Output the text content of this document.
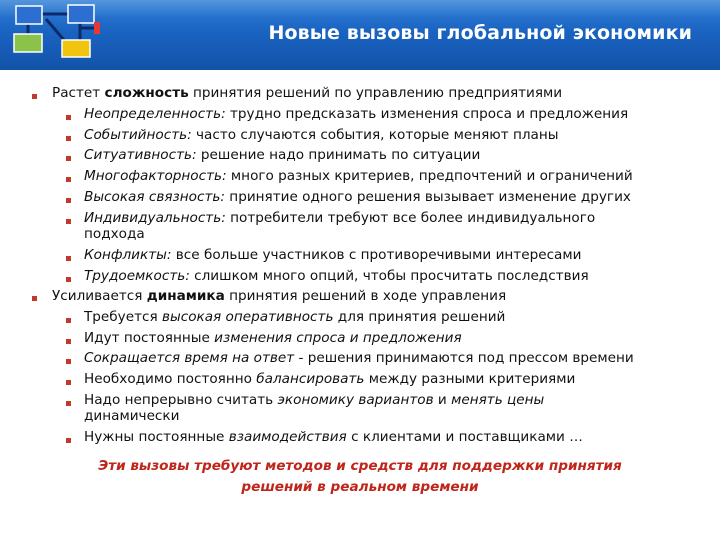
Новые вызовы глобальной экономики
Растет сложность принятия решений по управлению предприятиями
Неопределенность: трудно предсказать изменения спроса и предложения
Событийность: часто случаются события, которые меняют планы
Ситуативность: решение надо принимать по ситуации
Многофакторность: много разных критериев, предпочтений и ограничений
Высокая связность: принятие одного решения вызывает изменение других
Индивидуальность: потребители требуют все более индивидуального
подхода
Конфликты: все больше участников с противоречивыми интересами
Трудоемкость: слишком много опций, чтобы просчитать последствия
Усиливается динамика принятия решений в ходе управления
Требуется высокая оперативность для принятия решений
Идут постоянные изменения спроса и предложения
Сокращается время на ответ - решения принимаются под прессом времени
Необходимо постоянно балансировать между разными критериями
Надо непрерывно считать экономику вариантов и менять цены
динамически
Нужны постоянные взаимодействия с клиентами и поставщиками …
Эти вызовы требуют методов и средств для поддержки принятия
решений в реальном времени
